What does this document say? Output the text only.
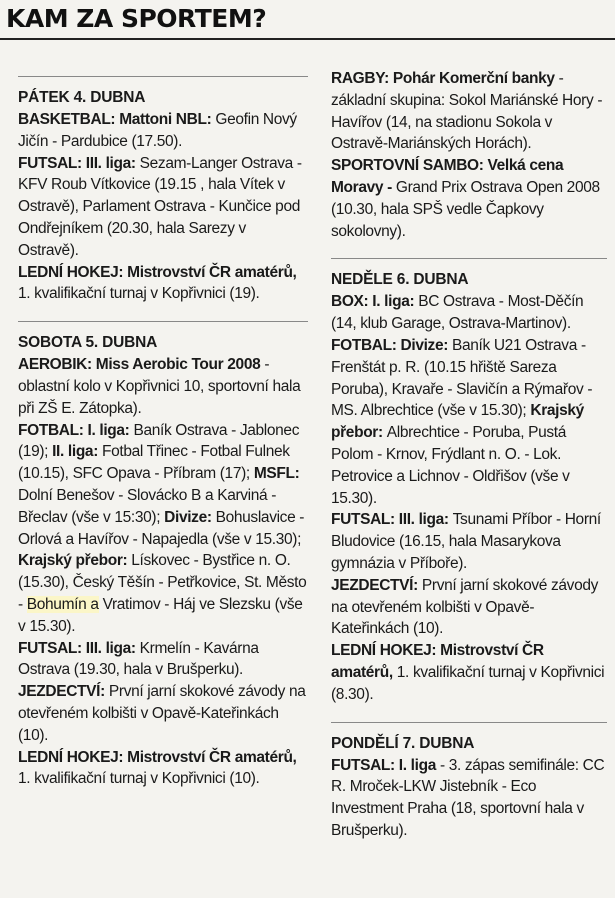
KAM ZA SPORTEM?
PÁTEK 4. DUBNA
BASKETBAL: Mattoni NBL: Geofin Nový Jičín - Pardubice (17.50).
FUTSAL: III. liga: Sezam-Langer Ostrava - KFV Roub Vítkovice (19.15 , hala Vítek v Ostravě), Parlament Ostrava - Kunčice pod Ondřejníkem (20.30, hala Sarezy v Ostravě).
LEDNÍ HOKEJ: Mistrovství ČR amatérů, 1. kvalifikační turnaj v Kopřivnici (19).
SOBOTA 5. DUBNA
AEROBIK: Miss Aerobic Tour 2008 - oblastní kolo v Kopřivnici 10, sportovní hala při ZŠ E. Zátopka).
FOTBAL: I. liga: Baník Ostrava - Jablonec (19); II. liga: Fotbal Třinec - Fotbal Fulnek (10.15), SFC Opava - Příbram (17); MSFL: Dolní Benešov - Slovácko B a Karviná - Břeclav (vše v 15:30); Divize: Bohuslavice - Orlová a Havířov - Napajedla (vše v 15.30); Krajský přebor: Lískovec - Bystřice n. O. (15.30), Český Těšín - Petřkovice, St. Město - Bohumín a Vratimov - Háj ve Slezsku (vše v 15.30).
FUTSAL: III. liga: Krmelín - Kavárna Ostrava (19.30, hala v Brušperku).
JEZDECTVÍ: První jarní skokové závody na otevřeném kolbišti v Opavě-Kateřinkách (10).
LEDNÍ HOKEJ: Mistrovství ČR amatérů, 1. kvalifikační turnaj v Kopřivnici (10).
RAGBY: Pohár Komerční banky - základní skupina: Sokol Mariánské Hory - Havířov (14, na stadionu Sokola v Ostravě-Mariánských Horách).
SPORTOVNÍ SAMBO: Velká cena Moravy - Grand Prix Ostrava Open 2008 (10.30, hala SPŠ vedle Čapkovy sokolovny).
NEDĚLE 6. DUBNA
BOX: I. liga: BC Ostrava - Most-Děčín (14, klub Garage, Ostrava-Martinov).
FOTBAL: Divize: Baník U21 Ostrava - Frenštát p. R. (10.15 hřiště Sareza Poruba), Kravaře - Slavičín a Rýmařov - MS. Albrechtice (vše v 15.30); Krajský přebor: Albrechtice - Poruba, Pustá Polom - Krnov, Frýdlant n. O. - Lok. Petrovice a Lichnov - Oldřišov (vše v 15.30).
FUTSAL: III. liga: Tsunami Příbor - Horní Bludovice (16.15, hala Masarykova gymnázia v Příboře).
JEZDECTVÍ: První jarní skokové závody na otevřeném kolbišti v Opavě-Kateřinkách (10).
LEDNÍ HOKEJ: Mistrovství ČR amatérů, 1. kvalifikační turnaj v Kopřivnici (8.30).
PONDĚLÍ 7. DUBNA
FUTSAL: I. liga - 3. zápas semifinále: CC R. Mroček-LKW Jistebník - Eco Investment Praha (18, sportovní hala v Brušperku).
